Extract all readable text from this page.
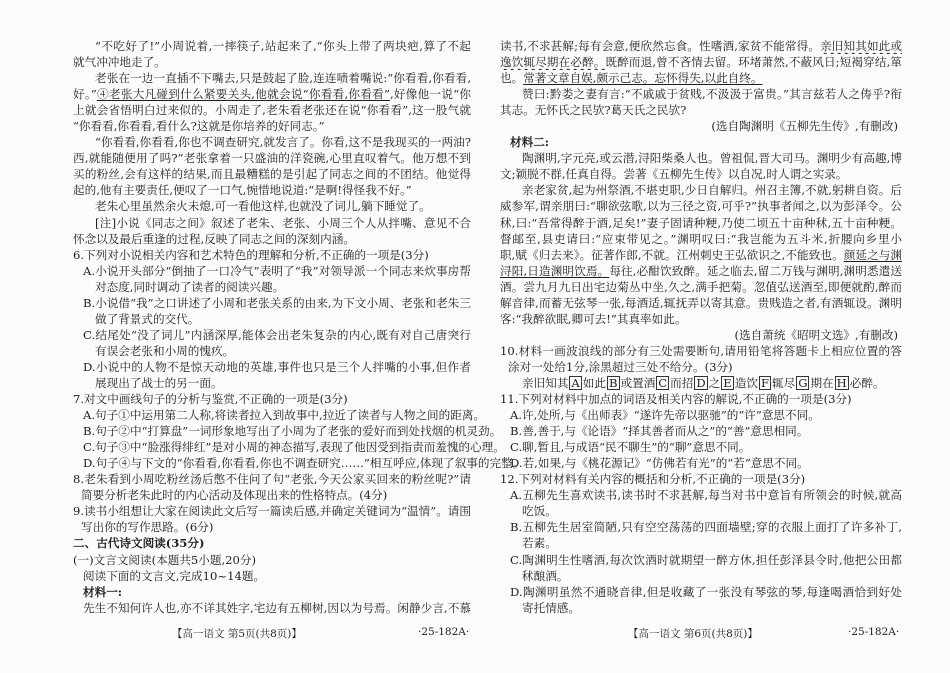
“不吃好了!”小周说着,一摔筷子,站起来了,“你头上带了两块疤,算了不起
就气冲冲地走了。
老张在一边一直插不下嘴去,只是鼓起了脸,连连啧着嘴说:“你看看,你看看,
好。”④老张大凡碰到什么紧要关头,他就会说“你看看,你看看”,好像他一说“你
上就会省悟明白过来似的。小周走了,老朱看老张还在说“你看看”,这一股气就
“你看看,你看看,看什么?这就是你培养的好同志。”
“你看看,你看看,你也不调查研究,就发言了。你看,这不是我现买的一两油?
西,就能随便用了吗?”老张拿着一只盛油的洋瓷碗,心里直叹着气。他万想不到
买的粉丝,会有这样的结果,而且最糟糕的是引起了同志之间的不团结。他觉得
起的,他有主要责任,便叹了一口气,惋惜地说道:“是啊!得怪我不好。”
老朱心里虽然余火未熄,可一看他这样,也就没了词儿,躺下睡觉了。
[注]小说《同志之间》叙述了老朱、老张、小周三个人从拌嘴、意见不合
怀念以及最后重逢的过程,反映了同志之间的深刻内涵。
6.下列对小说相关内容和艺术特色的理解和分析,不正确的一项是(3分)
A.小说开头部分“倒抽了一口冷气”表明了“我”对领导派一个同志来炊事房帮
对态度,同时调动了读者的阅读兴趣。
B.小说借“我”之口讲述了小周和老张关系的由来,为下文小周、老张和老朱三
做了背景式的交代。
C.结尾处“没了词儿”内涵深厚,能体会出老朱复杂的内心,既有对自己唐突行
有误会老张和小周的愧疚。
D.小说中的人物不是惊天动地的英雄,事件也只是三个人拌嘴的小事,但作者
展现出了战士的另一面。
7.对文中画线句子的分析与鉴赏,不正确的一项是(3分)
A.句子①中运用第二人称,将读者拉入到故事中,拉近了读者与人物之间的距离。
B.句子②中“打算盘”一词形象地写出了小周为了老张的爱好而到处找烟的机灵劲。
C.句子③中“脸涨得绯红”是对小周的神态描写,表现了他因受到指责而羞愧的心理。
D.句子④与下文的“你看看,你看看,你也不调查研究……”相互呼应,体现了叙事的完整。
8.老朱看到小周吃粉丝汤后憋不住问了句“老张,今天公家买回来的粉丝呢?”请
简要分析老朱此时的内心活动及体现出来的性格特点。(4分)
9.读书小组想让大家在阅读此文后写一篇读后感,并确定关键词为“温情”。请围
写出你的写作思路。(6分)
二、古代诗文阅读(35分)
(一)文言文阅读(本题共5小题,20分)
阅读下面的文言文,完成10~14题。
材料一:
先生不知何许人也,亦不详其姓字,宅边有五柳树,因以为号焉。闲静少言,不慕
读书,不求甚解;每有会意,便欣然忘食。性嗜酒,家贫不能常得。亲旧知其如此或
逸饮辄尽期在必醉。既醉而退,曾不吝情去留。环堵萧然,不蔽风日;短褐穿结,箪
也。常著文章自娱,颇示己志。忘怀得失,以此自终。
赞曰:黔娄之妻有言:“不戚戚于贫贱,不汲汲于富贵。”其言兹若人之俦乎?衔
其志。无怀氏之民欤?葛天氏之民欤?
(选自陶渊明《五柳先生传》,有删改)
材料二:
陶渊明,字元亮,或云潜,浔阳柴桑人也。曾祖侃,晋大司马。渊明少有高趣,博
文;颖脱不群,任真自得。尝著《五柳先生传》以自况,时人谓之实录。
亲老家贫,起为州祭酒,不堪吏职,少日自解归。州召主簿,不就,躬耕自资。后
威参军,谓亲朋曰:“聊欲弦歌,以为三径之资,可乎?”执事者闻之,以为彭泽令。公
秫,曰:“吾常得醉于酒,足矣!”妻子固请种粳,乃使二顷五十亩种秫,五十亩种粳。
督邮至,县吏请曰:“应束带见之。”渊明叹曰:“我岂能为五斗米,折腰向乡里小
职,赋《归去来》。征著作郎,不就。江州刺史王弘欲识之,不能致也。颜延之与渊
浔阳,日造渊明饮焉。每往,必酣饮致醉。延之临去,留二万钱与渊明,渊明悉遣送
酒。尝九月九日出宅边菊丛中坐,久之,满手把菊。忽值弘送酒至,即便就酌,醉而
解音律,而蓄无弦琴一张,每酒适,辄抚弄以寄其意。贵贱造之者,有酒辄设。渊明
客:“我醉欲眠,卿可去!”其真率如此。
(选自萧统《昭明文选》,有删改)
10.材料一画波浪线的部分有三处需要断句,请用铅笔将答题卡上相应位置的答
涂对一处给1分,涂黑超过三处不给分。(3分)
亲旧知其 A 如此 B 或置酒 C 而招 D 之 E 造饮 F 辄尽 G 期在 H 必醉。
11.下列对材料中加点的词语及相关内容的解说,不正确的一项是(3分)
A.许,处所,与《出师表》“遂许先帝以驱驰”的“许”意思不同。
B.善,善于,与《论语》“择其善者而从之”的“善”意思相同。
C.聊,暂且,与成语“民不聊生”的“聊”意思不同。
D.若,如果,与《桃花源记》“仿佛若有光”的“若”意思不同。
12.下列对材料有关内容的概括和分析,不正确的一项是(3分)
A.五柳先生喜欢读书,读书时不求甚解,每当对书中意旨有所领会的时候,就高
吃饭。
B.五柳先生居室简陋,只有空空荡荡的四面墙壁;穿的衣服上面打了许多补丁,
若素。
C.陶渊明生性嗜酒,每次饮酒时就期望一醉方休,担任彭泽县令时,他把公田都
秫酿酒。
D.陶渊明虽然不通晓音律,但是收藏了一张没有琴弦的琴,每逢喝酒恰到好处
寄托情感。
【高一语文 第5页(共8页)】	·25-182A·	【高一语文 第6页(共8页)】	·25-182A·
